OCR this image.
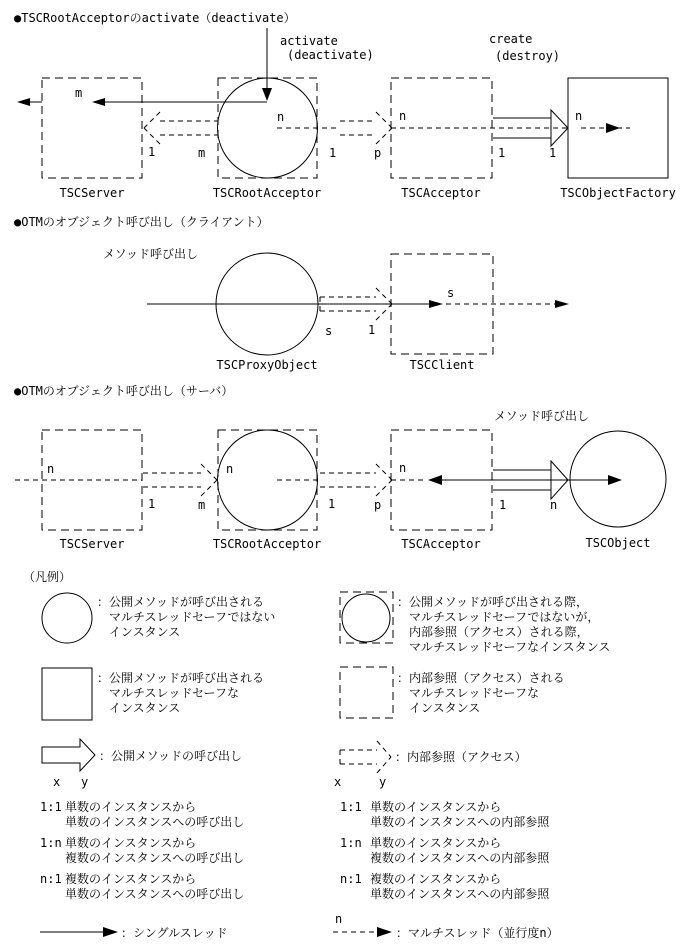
●TSCRootAcceptorのactivate（deactivate）
activate
(deactivate)
m
1	m
n
1	p
n
1	1
create
(destroy)
n
TSCServer	TSCRootAcceptor	TSCAcceptor	TSCObjectFactory
●OTMのオブジェクト呼び出し（クライアント）
メソッド呼び出し
s	1
s
TSCProxyObject	TSCClient
●OTMのオブジェクト呼び出し（サーバ）
メソッド呼び出し
n
1	m
n
1	p
n
1	n
TSCServer	TSCRootAcceptor	TSCAcceptor	TSCObject
（凡例）
：公開メソッドが呼び出される
マルチスレッドセーフではない
インスタンス
：公開メソッドが呼び出される際，
マルチスレッドセーフではないが，
内部参照（アクセス）される際，
マルチスレッドセーフなインスタンス
：公開メソッドが呼び出される
マルチスレッドセーフな
インスタンス
：内部参照（アクセス）される
マルチスレッドセーフな
インスタンス
：公開メソッドの呼び出し
x y
：内部参照（アクセス）
x	y
1:1 単数のインスタンスから
単数のインスタンスへの呼び出し
1:n 単数のインスタンスから
複数のインスタンスへの呼び出し
n:1 複数のインスタンスから
単数のインスタンスへの呼び出し
1:1 単数のインスタンスから
単数のインスタンスへの内部参照
1:n 単数のインスタンスから
複数のインスタンスへの内部参照
n:1 複数のインスタンスから
単数のインスタンスへの内部参照
：シングルスレッド
n
：マルチスレッド（並行度n）
